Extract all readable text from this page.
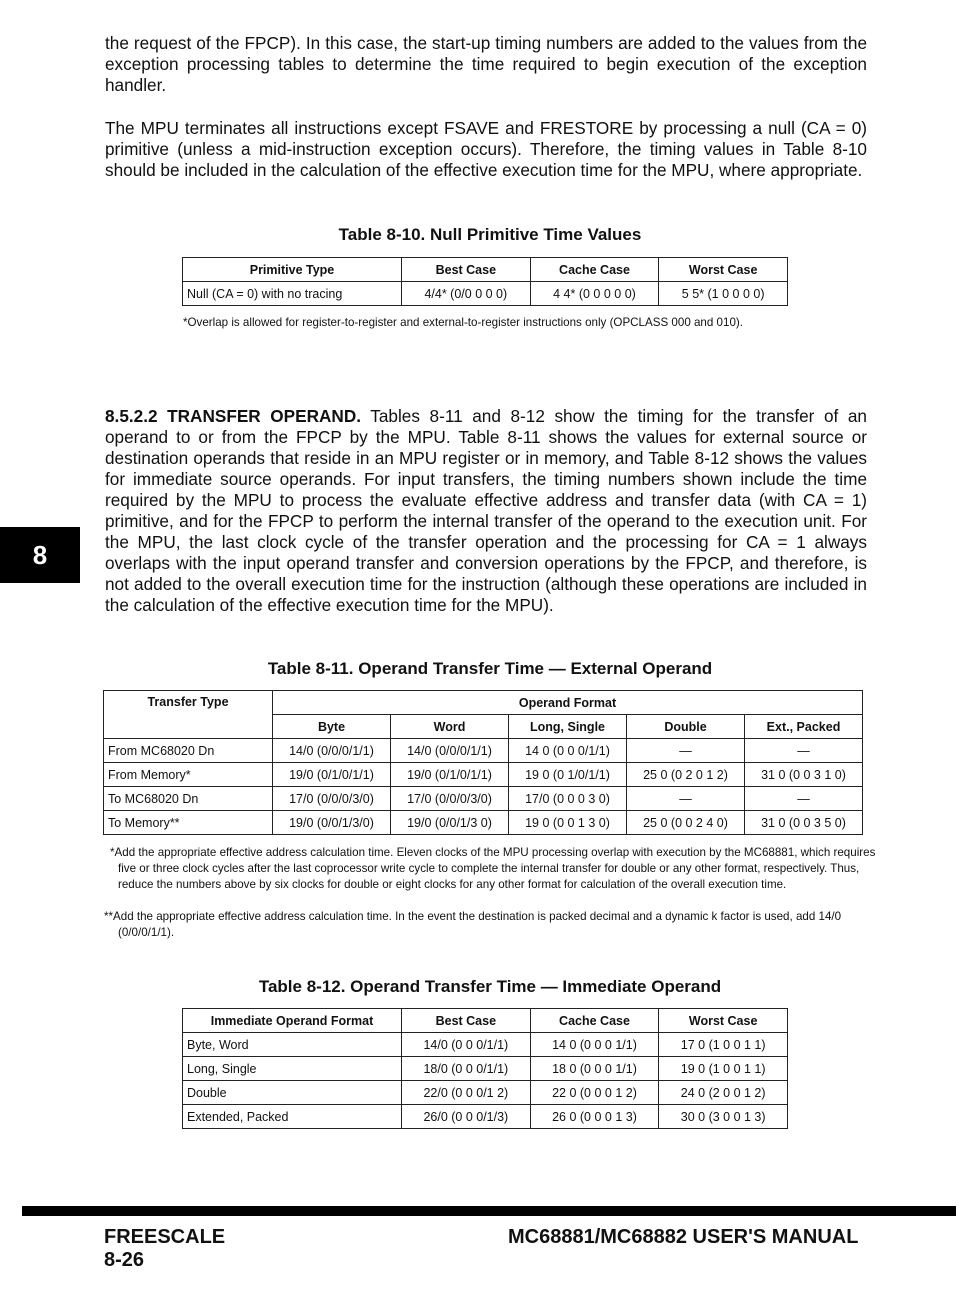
the request of the FPCP). In this case, the start-up timing numbers are added to the values from the exception processing tables to determine the time required to begin execution of the exception handler.

The MPU terminates all instructions except FSAVE and FRESTORE by processing a null (CA = 0) primitive (unless a mid-instruction exception occurs). Therefore, the timing values in Table 8-10 should be included in the calculation of the effective execution time for the MPU, where appropriate.

Table 8-10. Null Primitive Time Values

Primitive Type	Best Case	Cache Case	Worst Case
Null (CA = 0) with no tracing	4/4* (0/0 0 0 0)	4 4* (0 0 0 0 0)	5 5* (1 0 0 0 0)

*Overlap is allowed for register-to-register and external-to-register instructions only (OPCLASS 000 and 010).

8.5.2.2 TRANSFER OPERAND. Tables 8-11 and 8-12 show the timing for the transfer of an operand to or from the FPCP by the MPU. Table 8-11 shows the values for external source or destination operands that reside in an MPU register or in memory, and Table 8-12 shows the values for immediate source operands. For input transfers, the timing numbers shown include the time required by the MPU to process the evaluate effective address and transfer data (with CA = 1) primitive, and for the FPCP to perform the internal transfer of the operand to the execution unit. For the MPU, the last clock cycle of the transfer operation and the processing for CA = 1 always overlaps with the input operand transfer and conversion operations by the FPCP, and therefore, is not added to the overall execution time for the instruction (although these operations are included in the calculation of the effective execution time for the MPU).

8

Table 8-11. Operand Transfer Time — External Operand

Transfer Type	Operand Format				
	Byte	Word	Long, Single	Double	Ext., Packed
From MC68020 Dn	14/0 (0/0/0/1/1)	14/0 (0/0/0/1/1)	14 0 (0 0 0/1/1)	—	—
From Memory*	19/0 (0/1/0/1/1)	19/0 (0/1/0/1/1)	19 0 (0 1/0/1/1)	25 0 (0 2 0 1 2)	31 0 (0 0 3 1 0)
To MC68020 Dn	17/0 (0/0/0/3/0)	17/0 (0/0/0/3/0)	17/0 (0 0 0 3 0)	—	—
To Memory**	19/0 (0/0/1/3/0)	19/0 (0/0/1/3 0)	19 0 (0 0 1 3 0)	25 0 (0 0 2 4 0)	31 0 (0 0 3 5 0)

*Add the appropriate effective address calculation time. Eleven clocks of the MPU processing overlap with execution by the MC68881, which requires five or three clock cycles after the last coprocessor write cycle to complete the internal transfer for double or any other format, respectively. Thus, reduce the numbers above by six clocks for double or eight clocks for any other format for calculation of the overall execution time.

**Add the appropriate effective address calculation time. In the event the destination is packed decimal and a dynamic k factor is used, add 14/0 (0/0/0/1/1).

Table 8-12. Operand Transfer Time — Immediate Operand

Immediate Operand Format	Best Case	Cache Case	Worst Case
Byte, Word	14/0 (0 0 0/1/1)	14 0 (0 0 0 1/1)	17 0 (1 0 0 1 1)
Long, Single	18/0 (0 0 0/1/1)	18 0 (0 0 0 1/1)	19 0 (1 0 0 1 1)
Double	22/0 (0 0 0/1 2)	22 0 (0 0 0 1 2)	24 0 (2 0 0 1 2)
Extended, Packed	26/0 (0 0 0/1/3)	26 0 (0 0 0 1 3)	30 0 (3 0 0 1 3)

FREESCALE

8-26

MC68881/MC68882 USER'S MANUAL
